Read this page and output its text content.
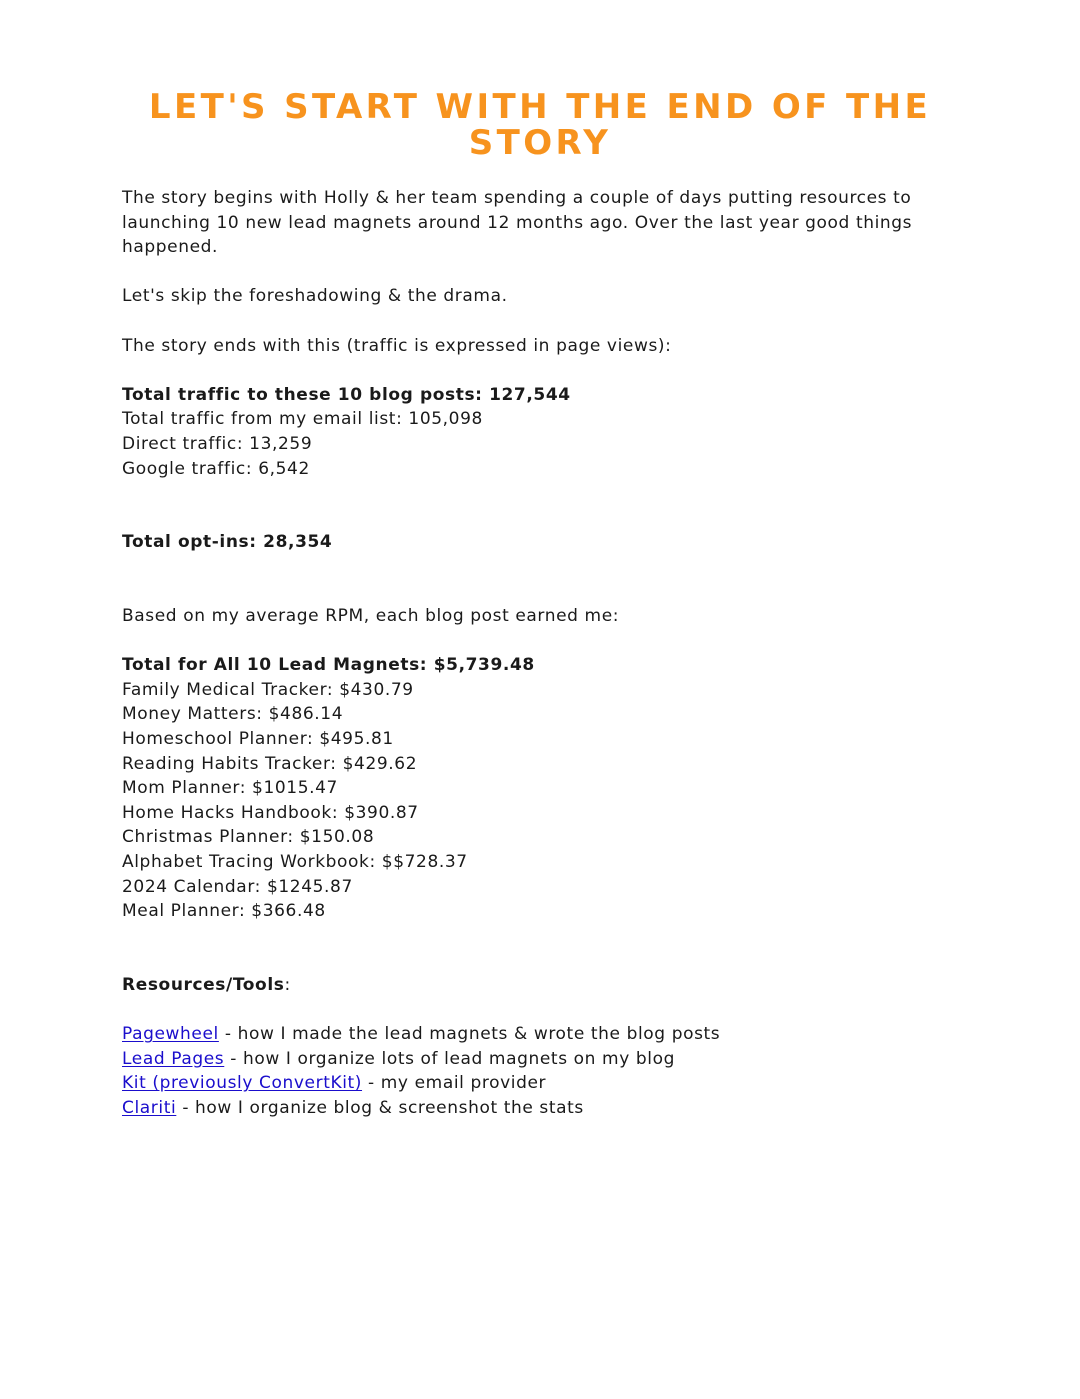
LET'S START WITH THE END OF THE STORY
The story begins with Holly & her team spending a couple of days putting resources to
launching 10 new lead magnets around 12 months ago. Over the last year good things
happened.
Let's skip the foreshadowing & the drama.
The story ends with this (traffic is expressed in page views):
Total traffic to these 10 blog posts: 127,544
Total traffic from my email list: 105,098
Direct traffic: 13,259
Google traffic: 6,542
Total opt-ins: 28,354
Based on my average RPM, each blog post earned me:
Total for All 10 Lead Magnets: $5,739.48
Family Medical Tracker: $430.79
Money Matters: $486.14
Homeschool Planner: $495.81
Reading Habits Tracker: $429.62
Mom Planner: $1015.47
Home Hacks Handbook: $390.87
Christmas Planner: $150.08
Alphabet Tracing Workbook: $$728.37
2024 Calendar: $1245.87
Meal Planner: $366.48
Resources/Tools:
Pagewheel - how I made the lead magnets & wrote the blog posts
Lead Pages - how I organize lots of lead magnets on my blog
Kit (previously ConvertKit) - my email provider
Clariti - how I organize blog & screenshot the stats
